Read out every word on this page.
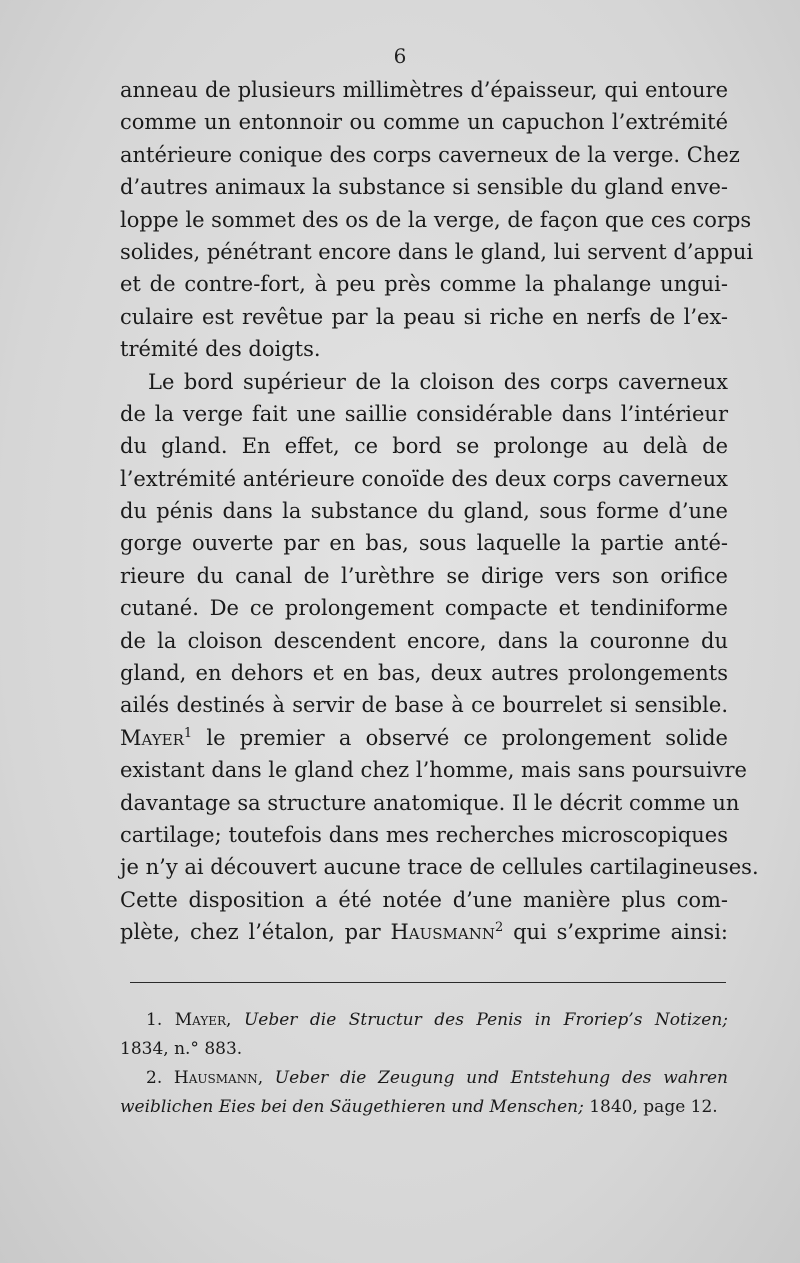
6
anneau de plusieurs millimètres d’épaisseur, qui entoure
comme un entonnoir ou comme un capuchon l’extrémité
antérieure conique des corps caverneux de la verge. Chez
d’autres animaux la substance si sensible du gland enve-
loppe le sommet des os de la verge, de façon que ces corps
solides, pénétrant encore dans le gland, lui servent d’appui
et de contre-fort, à peu près comme la phalange ungui-
culaire est revêtue par la peau si riche en nerfs de l’ex-
trémité des doigts.
Le bord supérieur de la cloison des corps caverneux
de la verge fait une saillie considérable dans l’intérieur
du gland. En effet, ce bord se prolonge au delà de
l’extrémité antérieure conoïde des deux corps caverneux
du pénis dans la substance du gland, sous forme d’une
gorge ouverte par en bas, sous laquelle la partie anté-
rieure du canal de l’urèthre se dirige vers son orifice
cutané. De ce prolongement compacte et tendiniforme
de la cloison descendent encore, dans la couronne du
gland, en dehors et en bas, deux autres prolongements
ailés destinés à servir de base à ce bourrelet si sensible.
Mayer$^1$ le premier a observé ce prolongement solide
existant dans le gland chez l’homme, mais sans poursuivre
davantage sa structure anatomique. Il le décrit comme un
cartilage; toutefois dans mes recherches microscopiques
je n’y ai découvert aucune trace de cellules cartilagineuses.
Cette disposition a été notée d’une manière plus com-
plète, chez l’étalon, par Hausmann$^2$ qui s’exprime ainsi:
1. Mayer, Ueber die Structur des Penis in Froriep’s Notizen;
1834, n.° 883.
2. Hausmann, Ueber die Zeugung und Entstehung des wahren
weiblichen Eies bei den Säugethieren und Menschen; 1840, page 12.
